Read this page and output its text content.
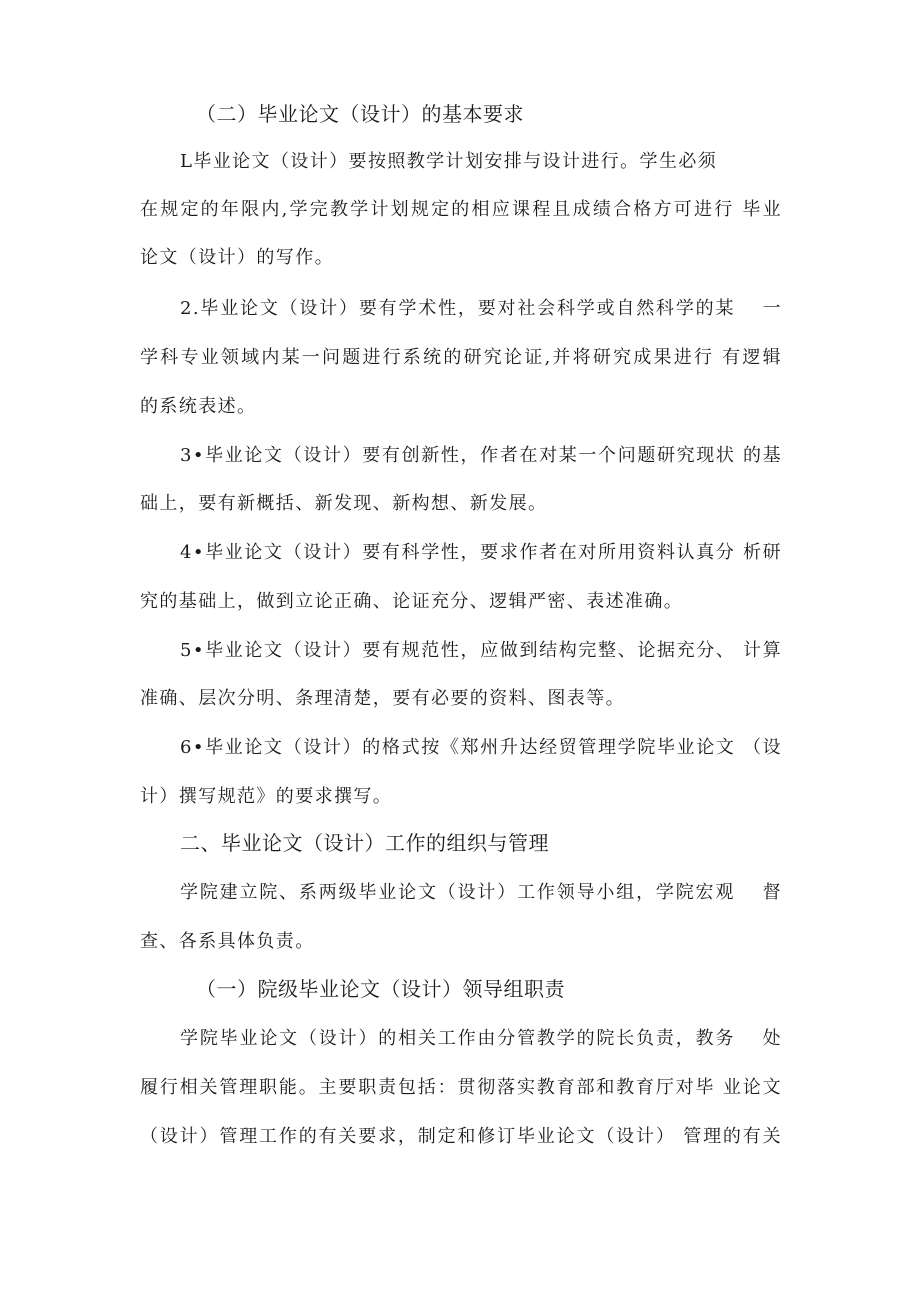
（二）毕业论文（设计）的基本要求
L毕业论文（设计）要按照教学计划安排与设计进行。学生必须
在规定的年限内,学完教学计划规定的相应课程且成绩合格方可进行 毕业
论文（设计）的写作。
2.毕业论文（设计）要有学术性，要对社会科学或自然科学的某　 一
学科专业领域内某一问题进行系统的研究论证,并将研究成果进行 有逻辑
的系统表述。
3•毕业论文（设计）要有创新性，作者在对某一个问题研究现状 的基
础上，要有新概括、新发现、新构想、新发展。
4•毕业论文（设计）要有科学性，要求作者在对所用资料认真分 析研
究的基础上，做到立论正确、论证充分、逻辑严密、表述准确。
5•毕业论文（设计）要有规范性，应做到结构完整、论据充分、 计算
准确、层次分明、条理清楚，要有必要的资料、图表等。
6•毕业论文（设计）的格式按《郑州升达经贸管理学院毕业论文 （设
计）撰写规范》的要求撰写。
二、毕业论文（设计）工作的组织与管理
学院建立院、系两级毕业论文（设计）工作领导小组，学院宏观　 督
查、各系具体负责。
（一）院级毕业论文（设计）领导组职责
学院毕业论文（设计）的相关工作由分管教学的院长负责，教务　 处
履行相关管理职能。主要职责包括：贯彻落实教育部和教育厅对毕 业论文
（设计）管理工作的有关要求，制定和修订毕业论文（设计） 管理的有关
